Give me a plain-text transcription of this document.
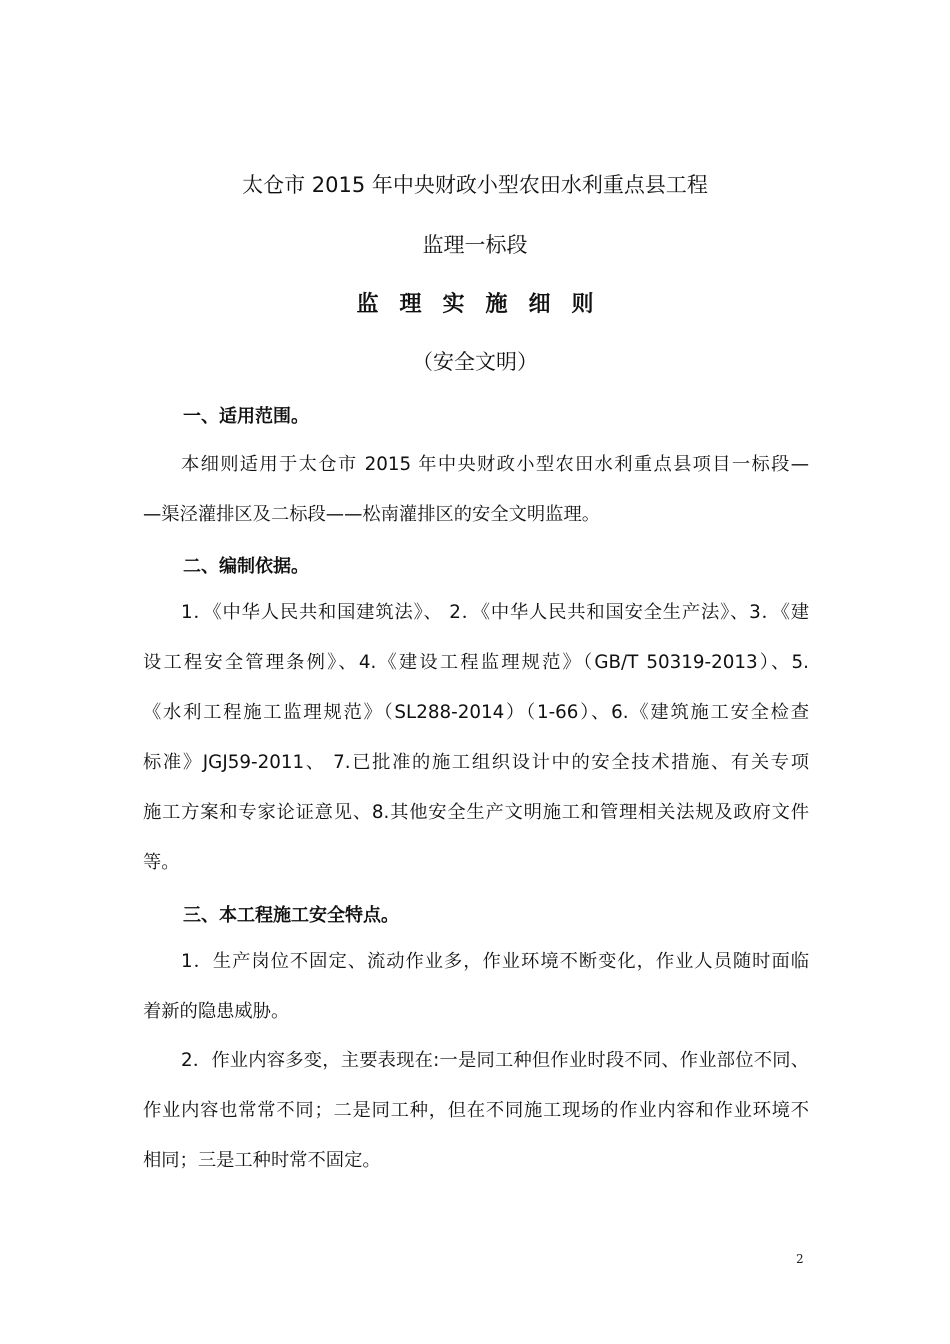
太仓市 2015 年中央财政小型农田水利重点县工程
监理一标段
监理实施细则
（安全文明）
一、适用范围。
本细则适用于太仓市 2015 年中央财政小型农田水利重点县项目一标段—
—渠泾灌排区及二标段——松南灌排区的安全文明监理。
二、编制依据。
1．《中华人民共和国建筑法》、 2．《中华人民共和国安全生产法》、3．《建
设工程安全管理条例》、4.《建设工程监理规范》（GB/T 50319-2013）、5.
《水利工程施工监理规范》（SL288-2014）（1-66）、6.《建筑施工安全检查
标准》JGJ59-2011、 7.已批准的施工组织设计中的安全技术措施、有关专项
施工方案和专家论证意见、8.其他安全生产文明施工和管理相关法规及政府文件
等。
三、本工程施工安全特点。
1．生产岗位不固定、流动作业多，作业环境不断变化，作业人员随时面临
着新的隐患威胁。
2．作业内容多变，主要表现在:一是同工种但作业时段不同、作业部位不同、
作业内容也常常不同；二是同工种，但在不同施工现场的作业内容和作业环境不
相同；三是工种时常不固定。
2
